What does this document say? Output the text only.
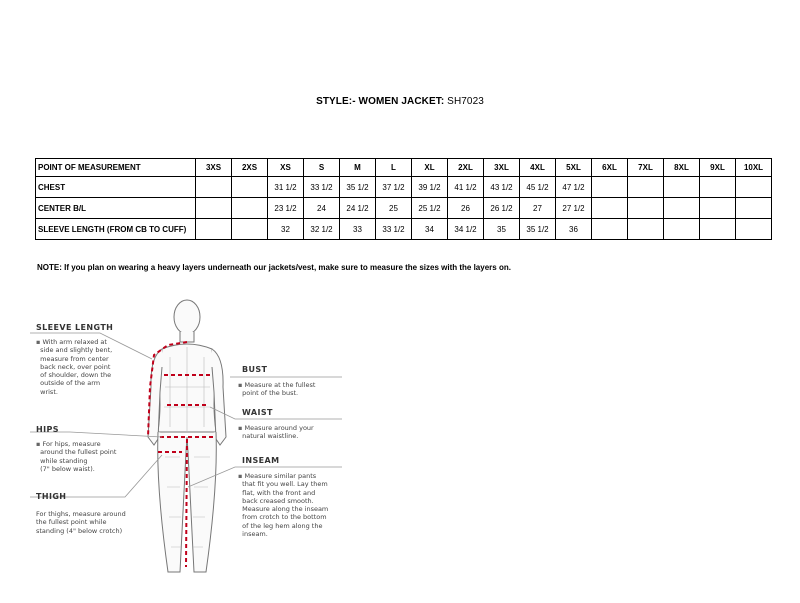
STYLE:- WOMEN JACKET: SH7023
POINT OF MEASUREMENT	3XS	2XS	XS	S	M	L	XL	2XL	3XL	4XL	5XL	6XL	7XL	8XL	9XL	10XL
CHEST			31 1/2	33 1/2	35 1/2	37 1/2	39 1/2	41 1/2	43 1/2	45 1/2	47 1/2					
CENTER B/L			23 1/2	24	24 1/2	25	25 1/2	26	26 1/2	27	27 1/2					
SLEEVE LENGTH (FROM CB TO CUFF)			32	32 1/2	33	33 1/2	34	34 1/2	35	35 1/2	36					
NOTE: If you plan on wearing a heavy layers underneath our jackets/vest, make sure to measure the sizes with the layers on.
SLEEVE LENGTH
▪ With arm relaxed at
side and slightly bent,
measure from center
back neck, over point
of shoulder, down the
outside of the arm
wrist.
HIPS
▪ For hips, measure
around the fullest point
while standing
(7" below waist).
THIGH
For thighs, measure around
the fullest point while
standing (4" below crotch)
BUST
▪ Measure at the fullest
point of the bust.
WAIST
▪ Measure around your
natural waistline.
INSEAM
▪ Measure similar pants
that fit you well. Lay them
flat, with the front and
back creased smooth.
Measure along the inseam
from crotch to the bottom
of the leg hem along the
inseam.
